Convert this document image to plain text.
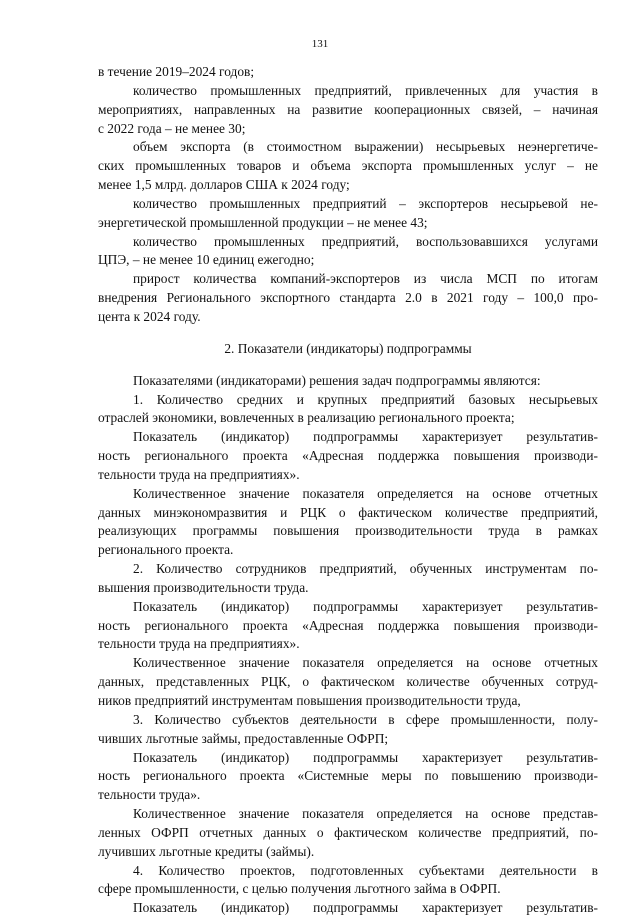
131
в течение 2019–2024 годов;
количество промышленных предприятий, привлеченных для участия в
мероприятиях, направленных на развитие кооперационных связей, – начиная
с 2022 года – не менее 30;
объем экспорта (в стоимостном выражении) несырьевых неэнергетиче-
ских промышленных товаров и объема экспорта промышленных услуг – не
менее 1,5 млрд. долларов США к 2024 году;
количество промышленных предприятий – экспортеров несырьевой не-
энергетической промышленной продукции – не менее 43;
количество промышленных предприятий, воспользовавшихся услугами
ЦПЭ, – не менее 10 единиц ежегодно;
прирост количества компаний-экспортеров из числа МСП по итогам
внедрения Регионального экспортного стандарта 2.0 в 2021 году – 100,0 про-
цента к 2024 году.
2. Показатели (индикаторы) подпрограммы
Показателями (индикаторами) решения задач подпрограммы являются:
1. Количество средних и крупных предприятий базовых несырьевых
отраслей экономики, вовлеченных в реализацию регионального проекта;
Показатель (индикатор) подпрограммы характеризует результатив-
ность регионального проекта «Адресная поддержка повышения производи-
тельности труда на предприятиях».
Количественное значение показателя определяется на основе отчетных
данных минэкономразвития и РЦК о фактическом количестве предприятий,
реализующих программы повышения производительности труда в рамках
регионального проекта.
2. Количество сотрудников предприятий, обученных инструментам по-
вышения производительности труда.
Показатель (индикатор) подпрограммы характеризует результатив-
ность регионального проекта «Адресная поддержка повышения производи-
тельности труда на предприятиях».
Количественное значение показателя определяется на основе отчетных
данных, представленных РЦК, о фактическом количестве обученных сотруд-
ников предприятий инструментам повышения производительности труда,
3. Количество субъектов деятельности в сфере промышленности, полу-
чивших льготные займы, предоставленные ОФРП;
Показатель (индикатор) подпрограммы характеризует результатив-
ность регионального проекта «Системные меры по повышению производи-
тельности труда».
Количественное значение показателя определяется на основе представ-
ленных ОФРП отчетных данных о фактическом количестве предприятий, по-
лучивших льготные кредиты (займы).
4. Количество проектов, подготовленных субъектами деятельности в
сфере промышленности, с целью получения льготного займа в ОФРП.
Показатель (индикатор) подпрограммы характеризует результатив-
